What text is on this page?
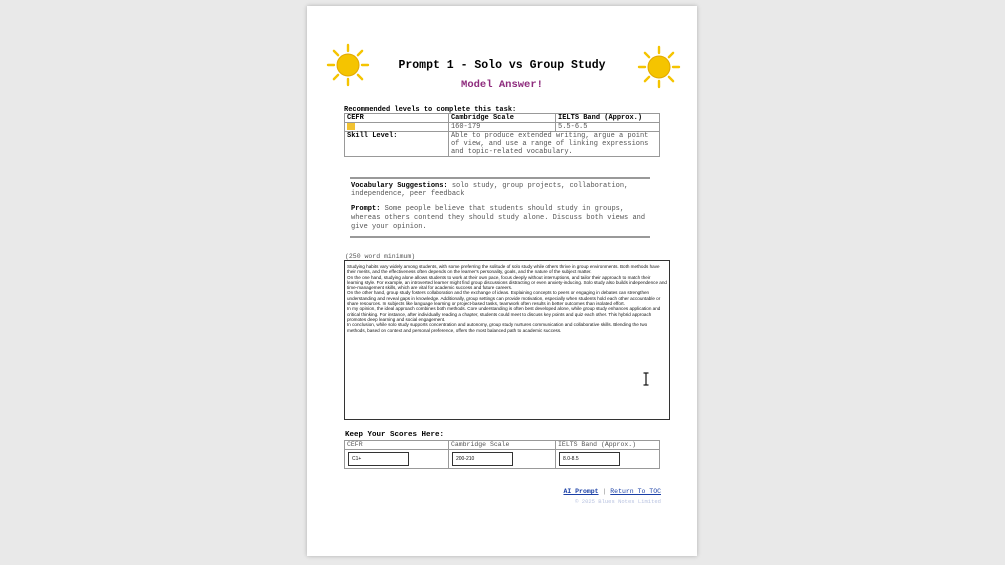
Prompt 1 - Solo vs Group Study
Model Answer!
Recommended levels to complete this task:
CEFR	Cambridge Scale	IELTS Band (Approx.)
	160-179	5.5-6.5
Skill Level:	Able to produce extended writing, argue a point of view, and use a range of linking expressions and topic-related vocabulary.	
Vocabulary Suggestions: solo study, group projects, collaboration, independence, peer feedback
Prompt: Some people believe that students should study in groups, whereas others contend they should study alone. Discuss both views and give your opinion.
(250 word minimum)

Studying habits vary widely among students, with some preferring the solitude of solo study while others thrive in group environments. Both methods have their merits, and the effectiveness often depends on the learner's personality, goals, and the nature of the subject matter.

On the one hand, studying alone allows students to work at their own pace, focus deeply without interruptions, and tailor their approach to match their learning style. For example, an introverted learner might find group discussions distracting or even anxiety-inducing. Solo study also builds independence and time-management skills, which are vital for academic success and future careers.

On the other hand, group study fosters collaboration and the exchange of ideas. Explaining concepts to peers or engaging in debates can strengthen understanding and reveal gaps in knowledge. Additionally, group settings can provide motivation, especially when students hold each other accountable or share resources. In subjects like language learning or project-based tasks, teamwork often results in better outcomes than isolated effort.

In my opinion, the ideal approach combines both methods. Core understanding is often best developed alone, while group study enhances application and critical thinking. For instance, after individually reading a chapter, students could meet to discuss key points and quiz each other. This hybrid approach promotes deep learning and social engagement.

In conclusion, while solo study supports concentration and autonomy, group study nurtures communication and collaborative skills. Blending the two methods, based on context and personal preference, offers the most balanced path to academic success.

Keep Your Scores Here:
CEFR	Cambridge Scale	IELTS Band (Approx.)

C1+	200-210	8.0-8.5
AI Prompt | Return To TOC
© 2025 Blues Notes Limited
